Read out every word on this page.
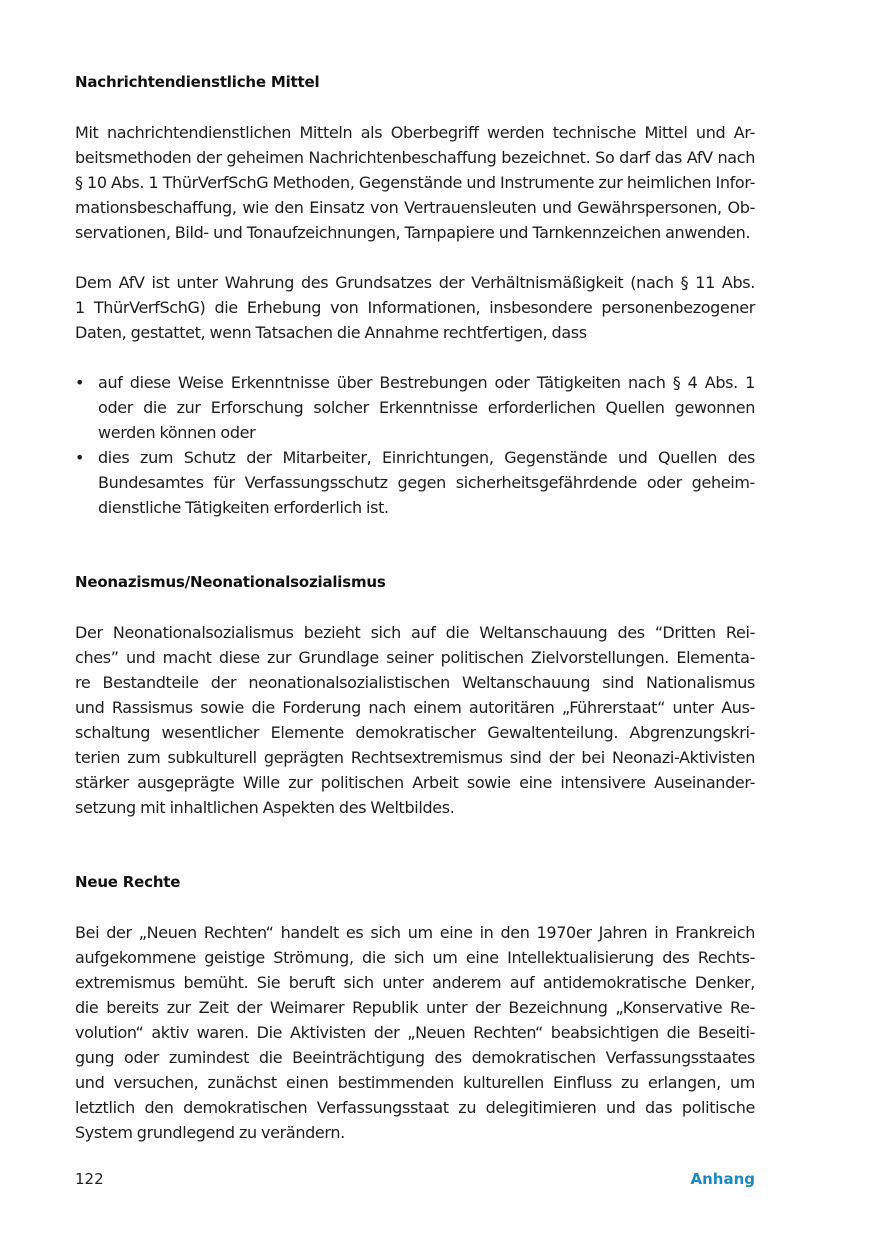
Nachrichtendienstliche Mittel
Mit nachrichtendienstlichen Mitteln als Oberbegriff werden technische Mittel und Ar-
beitsmethoden der geheimen Nachrichtenbeschaffung bezeichnet. So darf das AfV nach
§ 10 Abs. 1 ThürVerfSchG Methoden, Gegenstände und Instrumente zur heimlichen Infor-
mationsbeschaffung, wie den Einsatz von Vertrauensleuten und Gewährspersonen, Ob-
servationen, Bild- und Tonaufzeichnungen, Tarnpapiere und Tarnkennzeichen anwenden.
Dem AfV ist unter Wahrung des Grundsatzes der Verhältnismäßigkeit (nach § 11 Abs.
1 ThürVerfSchG) die Erhebung von Informationen, insbesondere personenbezogener
Daten, gestattet, wenn Tatsachen die Annahme rechtfertigen, dass
• auf diese Weise Erkenntnisse über Bestrebungen oder Tätigkeiten nach § 4 Abs. 1
oder die zur Erforschung solcher Erkenntnisse erforderlichen Quellen gewonnen
werden können oder
• dies zum Schutz der Mitarbeiter, Einrichtungen, Gegenstände und Quellen des
Bundesamtes für Verfassungsschutz gegen sicherheitsgefährdende oder geheim-
dienstliche Tätigkeiten erforderlich ist.
Neonazismus/Neonationalsozialismus
Der Neonationalsozialismus bezieht sich auf die Weltanschauung des “Dritten Rei-
ches” und macht diese zur Grundlage seiner politischen Zielvorstellungen. Elementa-
re Bestandteile der neonationalsozialistischen Weltanschauung sind Nationalismus
und Rassismus sowie die Forderung nach einem autoritären „Führerstaat“ unter Aus-
schaltung wesentlicher Elemente demokratischer Gewaltenteilung. Abgrenzungskri-
terien zum subkulturell geprägten Rechtsextremismus sind der bei Neonazi-Aktivisten
stärker ausgeprägte Wille zur politischen Arbeit sowie eine intensivere Auseinander-
setzung mit inhaltlichen Aspekten des Weltbildes.
Neue Rechte
Bei der „Neuen Rechten“ handelt es sich um eine in den 1970er Jahren in Frankreich
aufgekommene geistige Strömung, die sich um eine Intellektualisierung des Rechts-
extremismus bemüht. Sie beruft sich unter anderem auf antidemokratische Denker,
die bereits zur Zeit der Weimarer Republik unter der Bezeichnung „Konservative Re-
volution“ aktiv waren. Die Aktivisten der „Neuen Rechten“ beabsichtigen die Beseiti-
gung oder zumindest die Beeinträchtigung des demokratischen Verfassungsstaates
und versuchen, zunächst einen bestimmenden kulturellen Einfluss zu erlangen, um
letztlich den demokratischen Verfassungsstaat zu delegitimieren und das politische
System grundlegend zu verändern.
122	Anhang
